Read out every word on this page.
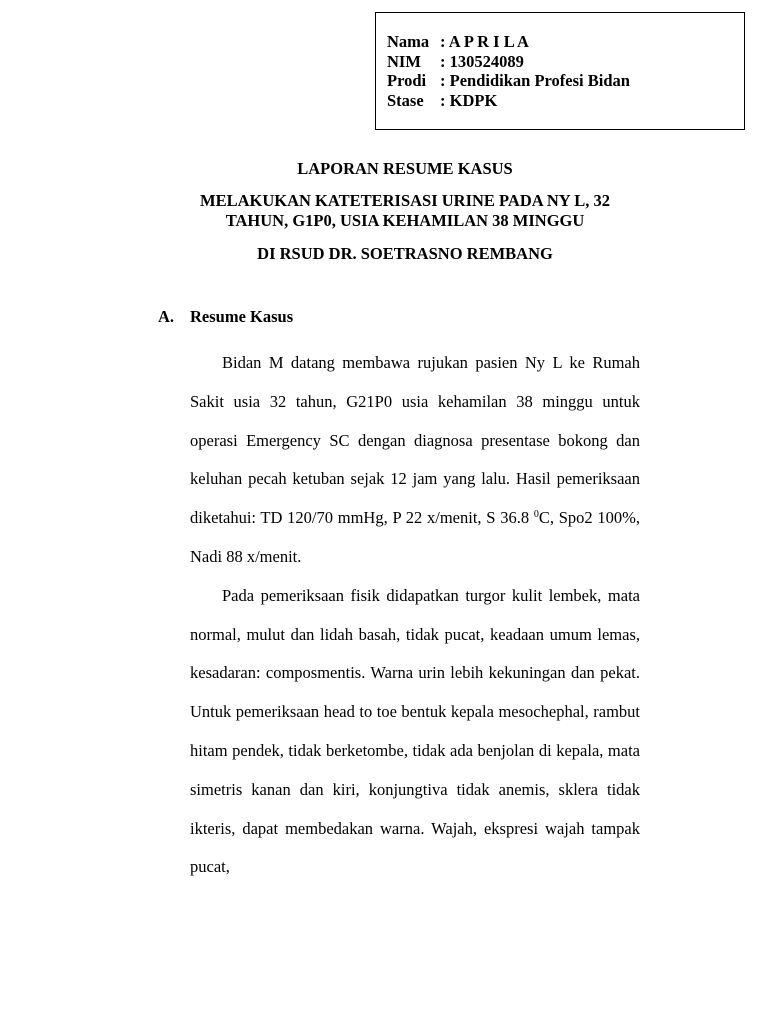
Nama : A P R I L A
NIM	: 130524089
Prodi : Pendidikan Profesi Bidan
Stase : KDPK
LAPORAN RESUME KASUS
MELAKUKAN KATETERISASI URINE PADA NY L, 32
TAHUN, G1P0, USIA KEHAMILAN 38 MINGGU
DI RSUD DR. SOETRASNO REMBANG
A. Resume Kasus

Bidan M datang membawa rujukan pasien Ny L ke Rumah Sakit usia 32 tahun, G21P0 usia kehamilan 38 minggu untuk operasi Emergency SC dengan diagnosa presentase bokong dan keluhan pecah ketuban sejak 12 jam yang lalu. Hasil pemeriksaan diketahui: TD 120/70 mmHg, P 22 x/menit, S 36.8 $^0$C, Spo2 100%, Nadi 88 x/menit.

Pada pemeriksaan fisik didapatkan turgor kulit lembek, mata normal, mulut dan lidah basah, tidak pucat, keadaan umum lemas, kesadaran: composmentis. Warna urin lebih kekuningan dan pekat. Untuk pemeriksaan head to toe bentuk kepala mesochephal, rambut hitam pendek, tidak berketombe, tidak ada benjolan di kepala, mata simetris kanan dan kiri, konjungtiva tidak anemis, sklera tidak ikteris, dapat membedakan warna. Wajah, ekspresi wajah tampak pucat,
